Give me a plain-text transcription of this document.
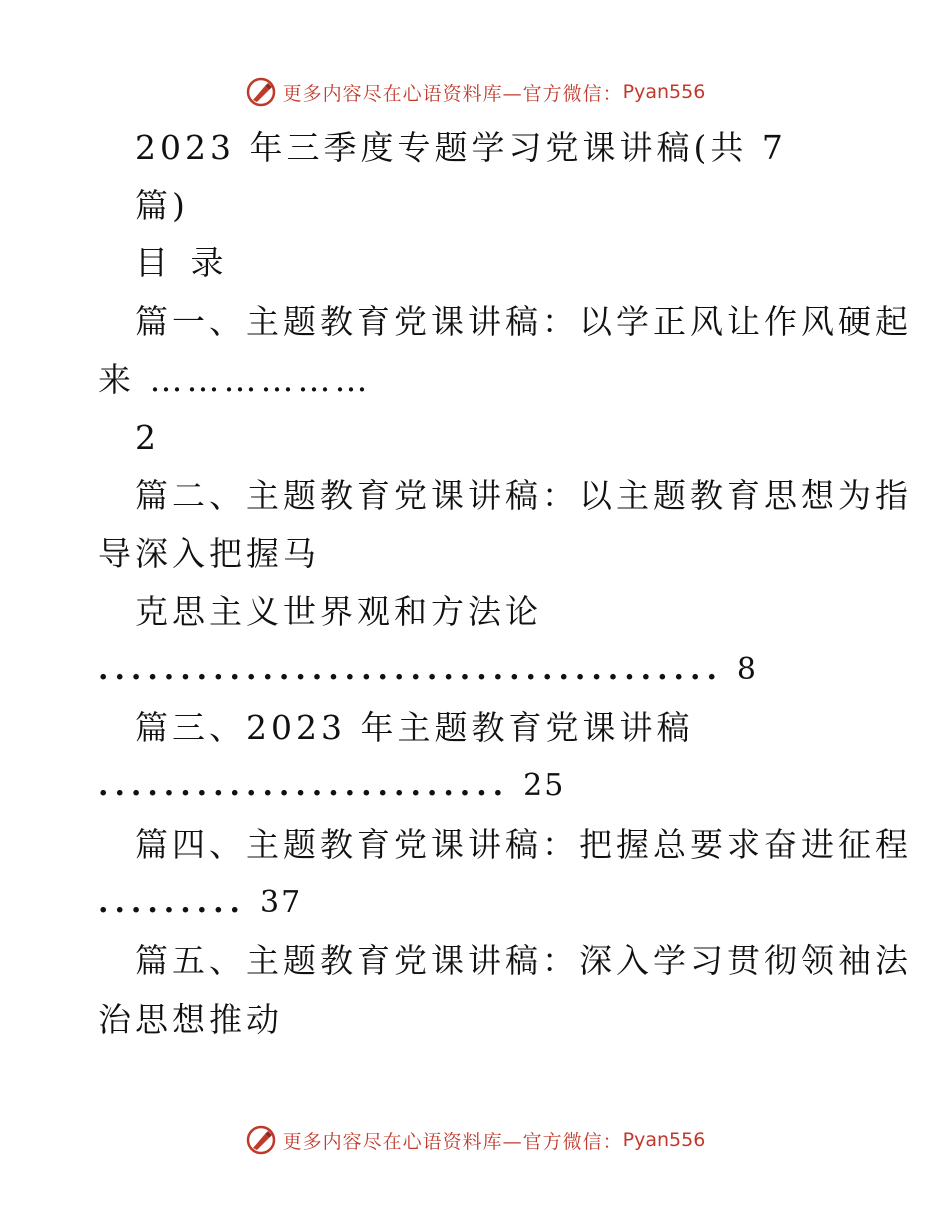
更多内容尽在心语资料库—官方微信： Pyan556
2023 年三季度专题学习党课讲稿(共 7
篇)
目 录
篇一、主题教育党课讲稿：以学正风让作风硬起
来 ………………
2
篇二、主题教育党课讲稿：以主题教育思想为指
导深入把握马
克思主义世界观和方法论
...................................... 8
篇三、2023 年主题教育党课讲稿
......................... 25
篇四、主题教育党课讲稿：把握总要求奋进征程
......... 37
篇五、主题教育党课讲稿：深入学习贯彻领袖法
治思想推动
更多内容尽在心语资料库—官方微信： Pyan556
